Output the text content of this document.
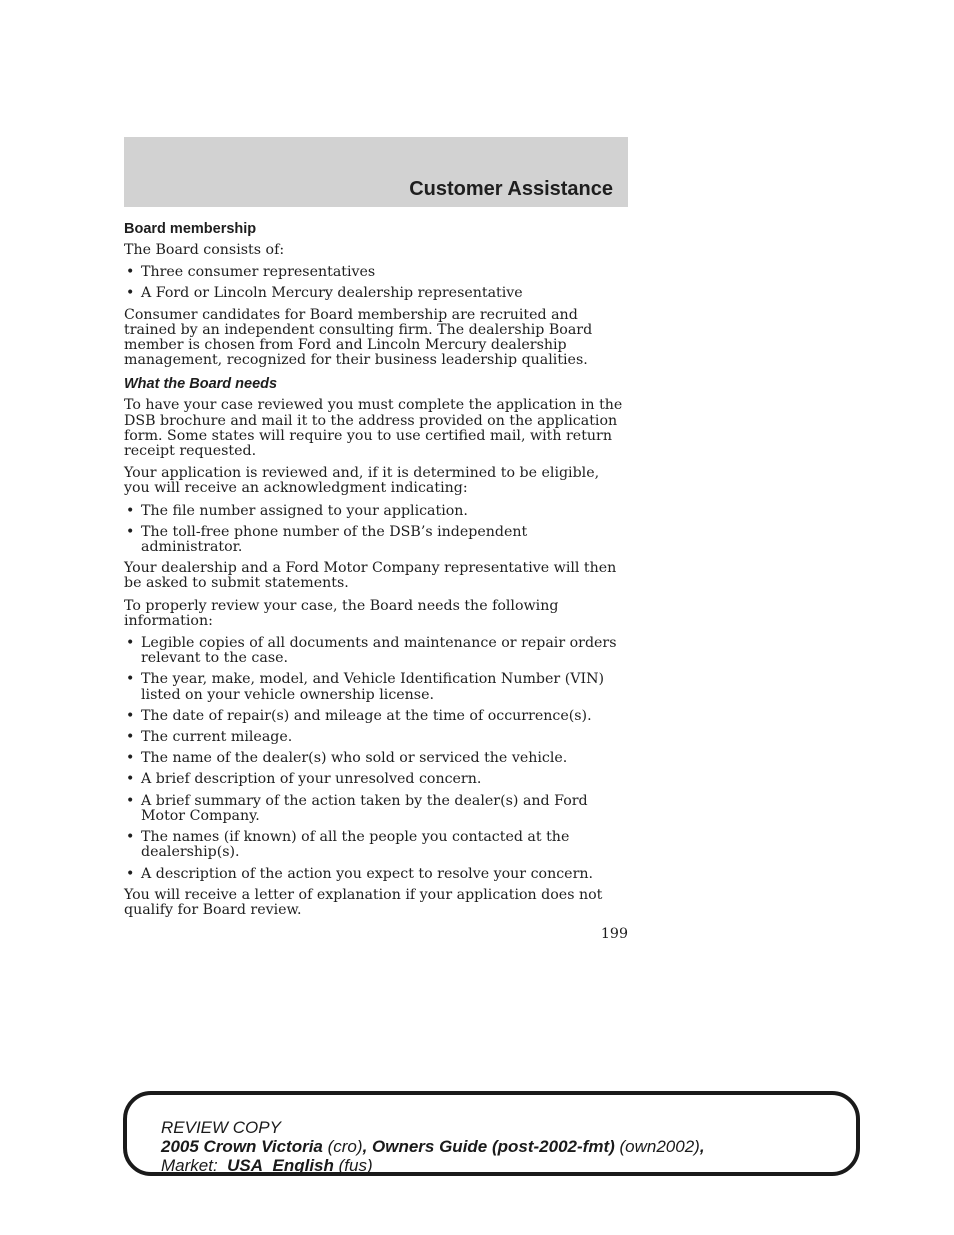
Customer Assistance
Board membership
The Board consists of:
• Three consumer representatives
• A Ford or Lincoln Mercury dealership representative
Consumer candidates for Board membership are recruited and trained by an independent consulting firm. The dealership Board member is chosen from Ford and Lincoln Mercury dealership management, recognized for their business leadership qualities.
What the Board needs
To have your case reviewed you must complete the application in the DSB brochure and mail it to the address provided on the application form. Some states will require you to use certified mail, with return receipt requested.
Your application is reviewed and, if it is determined to be eligible, you will receive an acknowledgment indicating:
• The file number assigned to your application.
• The toll-free phone number of the DSB’s independent administrator.
Your dealership and a Ford Motor Company representative will then be asked to submit statements.
To properly review your case, the Board needs the following information:
• Legible copies of all documents and maintenance or repair orders relevant to the case.
• The year, make, model, and Vehicle Identification Number (VIN) listed on your vehicle ownership license.
• The date of repair(s) and mileage at the time of occurrence(s).
• The current mileage.
• The name of the dealer(s) who sold or serviced the vehicle.
• A brief description of your unresolved concern.
• A brief summary of the action taken by the dealer(s) and Ford Motor Company.
• The names (if known) of all the people you contacted at the dealership(s).
• A description of the action you expect to resolve your concern.
You will receive a letter of explanation if your application does not qualify for Board review.
199
REVIEW COPY
2005 Crown Victoria (cro), Owners Guide (post-2002-fmt) (own2002),
Market: USA_English (fus)
